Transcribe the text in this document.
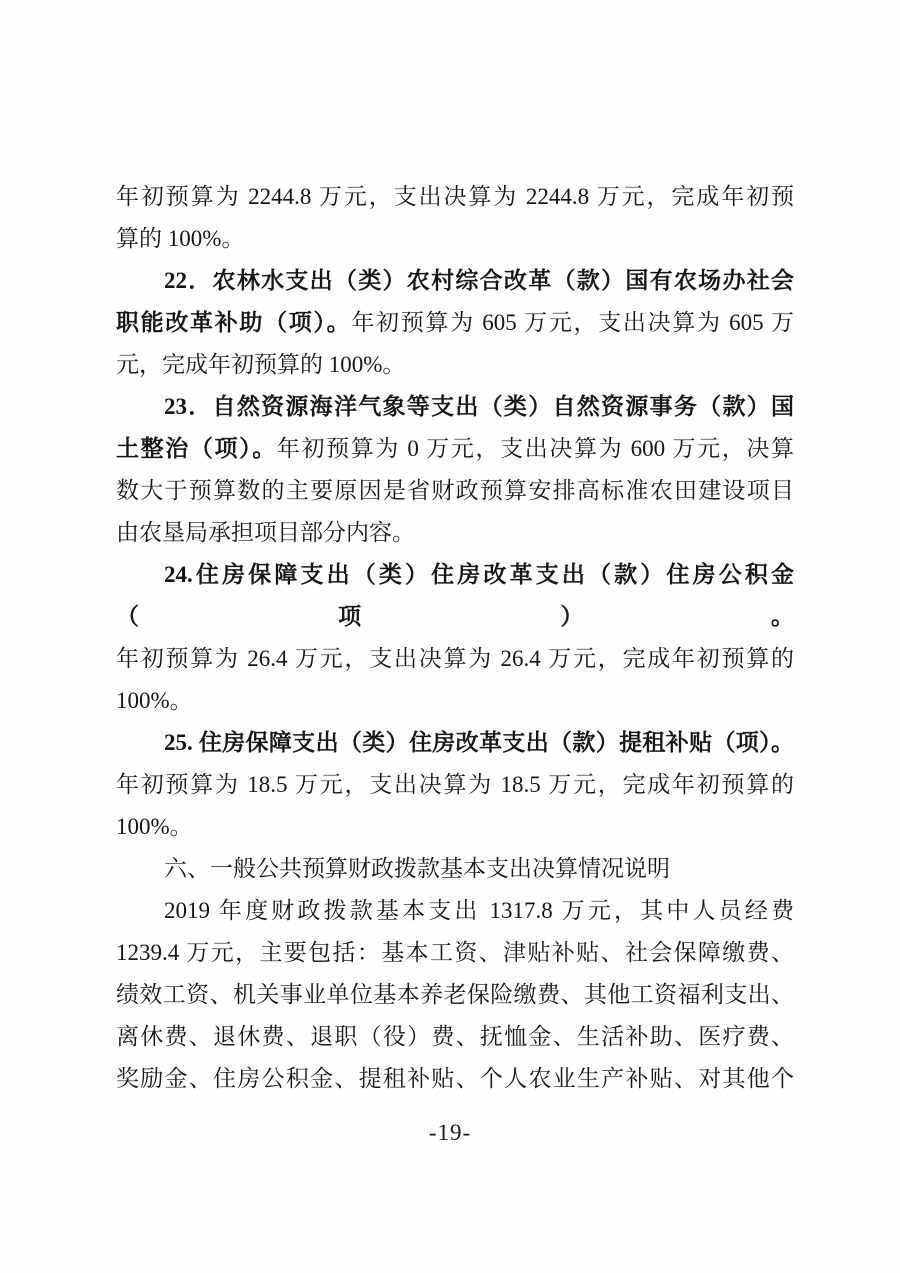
年初预算为 2244.8 万元，支出决算为 2244.8 万元，完成年初预
算的 100%。
22．农林水支出（类）农村综合改革（款）国有农场办社会
职能改革补助（项）。年初预算为 605 万元，支出决算为 605 万
元，完成年初预算的 100%。
23．自然资源海洋气象等支出（类）自然资源事务（款）国
土整治（项）。年初预算为 0 万元，支出决算为 600 万元，决算
数大于预算数的主要原因是省财政预算安排高标准农田建设项目
由农垦局承担项目部分内容。
24.住房保障支出（类）住房改革支出（款）住房公积金（项）。
年初预算为 26.4 万元，支出决算为 26.4 万元，完成年初预算的
100%。
25. 住房保障支出（类）住房改革支出（款）提租补贴（项）。
年初预算为 18.5 万元，支出决算为 18.5 万元，完成年初预算的
100%。
六、一般公共预算财政拨款基本支出决算情况说明
2019 年度财政拨款基本支出 1317.8 万元，其中人员经费
1239.4 万元，主要包括：基本工资、津贴补贴、社会保障缴费、
绩效工资、机关事业单位基本养老保险缴费、其他工资福利支出、
离休费、退休费、退职（役）费、抚恤金、生活补助、医疗费、
奖励金、住房公积金、提租补贴、个人农业生产补贴、对其他个
-19-
